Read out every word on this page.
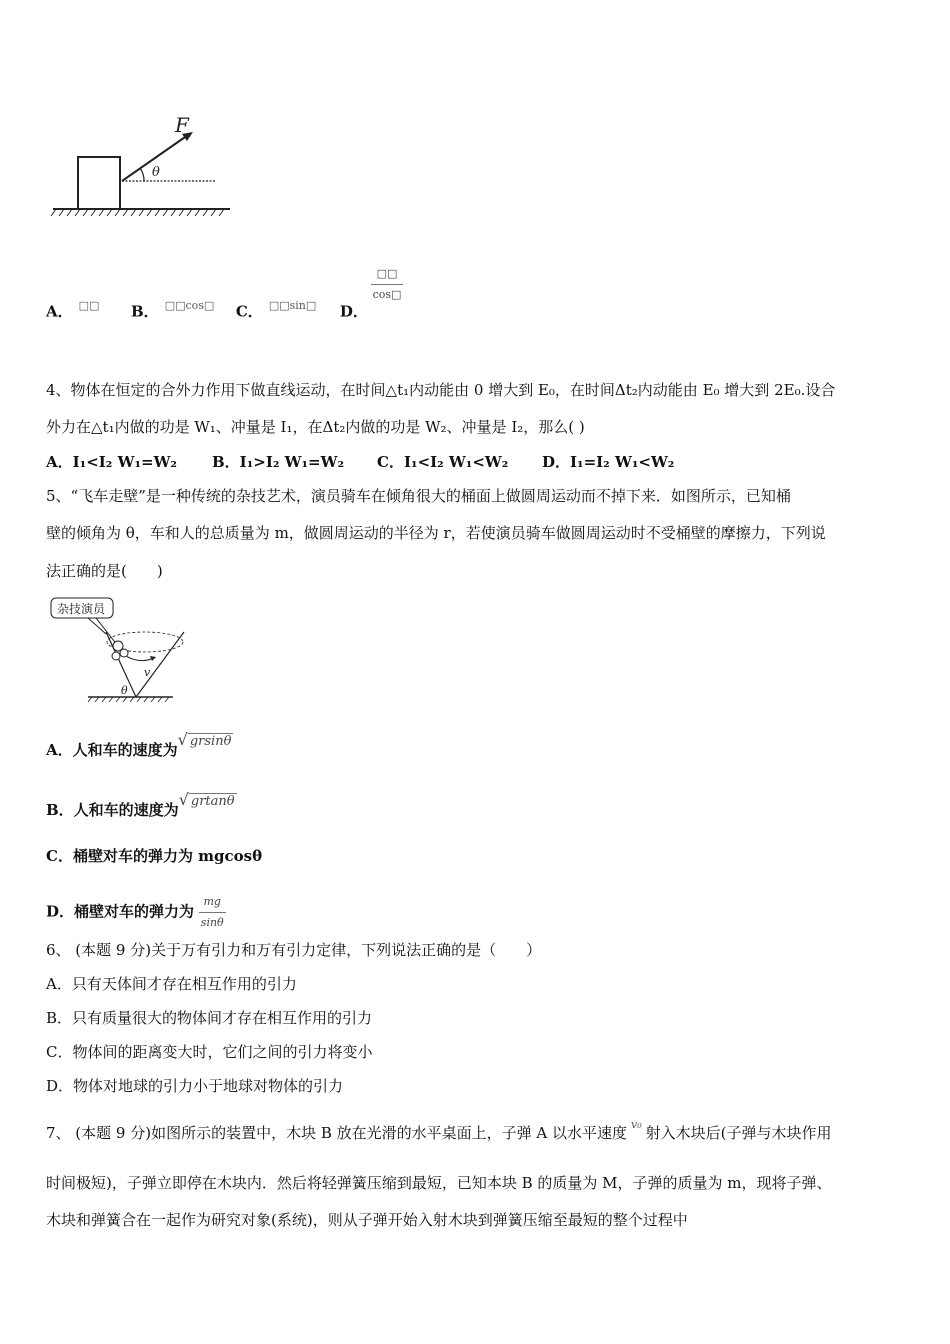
F
θ
A． □□ B． $^{□□cos□}$ C． $^{□□sin□}$ D．
$\frac{□□}{\cos□}$
4、物体在恒定的合外力作用下做直线运动，在时间△t₁内动能由 0 增大到 E₀，在时间Δt₂内动能由 E₀ 增大到 2E₀.设合
外力在△t₁内做的功是 W₁、冲量是 I₁，在Δt₂内做的功是 W₂、冲量是 I₂，那么( )
A．I₁<I₂ W₁=W₂ B．I₁>I₂ W₁=W₂ C．I₁<I₂ W₁<W₂ D．I₁=I₂ W₁<W₂
5、“飞车走壁”是一种传统的杂技艺术，演员骑车在倾角很大的桶面上做圆周运动而不掉下来．如图所示，已知桶
壁的倾角为 θ，车和人的总质量为 m，做圆周运动的半径为 r，若使演员骑车做圆周运动时不受桶壁的摩擦力，下列说
法正确的是(　　)
杂技演员
v
θ
A．人和车的速度为√ grsinθ
B．人和车的速度为√ grtanθ
C．桶壁对车的弹力为 mgcosθ
D．桶壁对车的弹力为 $\frac{mg}{\sin\theta}$
6、 (本题 9 分)关于万有引力和万有引力定律，下列说法正确的是（　　）
A．只有天体间才存在相互作用的引力
B．只有质量很大的物体间才存在相互作用的引力
C．物体间的距离变大时，它们之间的引力将变小
D．物体对地球的引力小于地球对物体的引力
7、 (本题 9 分)如图所示的装置中，木块 B 放在光滑的水平桌面上，子弹 A 以水平速度 $^{v_0}$ 射入木块后(子弹与木块作用
时间极短)，子弹立即停在木块内．然后将轻弹簧压缩到最短，已知本块 B 的质量为 M，子弹的质量为 m，现将子弹、
木块和弹簧合在一起作为研究对象(系统)，则从子弹开始入射木块到弹簧压缩至最短的整个过程中
